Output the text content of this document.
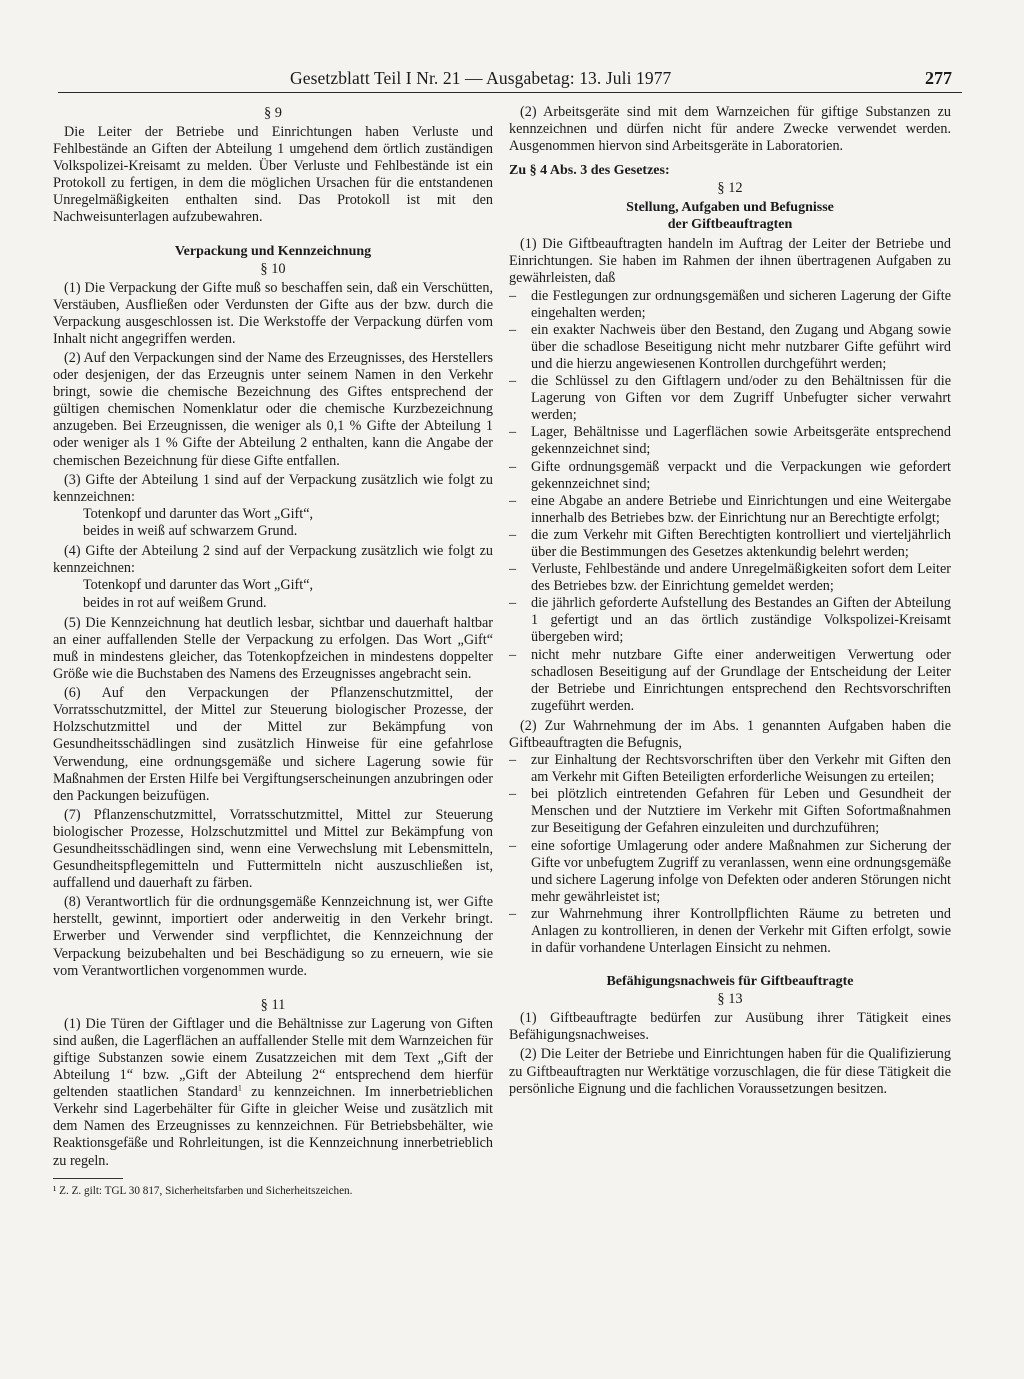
Gesetzblatt Teil I Nr. 21 — Ausgabetag: 13. Juli 1977	277

§ 9

Die Leiter der Betriebe und Einrichtungen haben Verluste und Fehlbestände an Giften der Abteilung 1 umgehend dem örtlich zuständigen Volkspolizei-Kreisamt zu melden. Über Verluste und Fehlbestände ist ein Protokoll zu fertigen, in dem die möglichen Ursachen für die entstandenen Unregelmäßigkeiten enthalten sind. Das Protokoll ist mit den Nachweisunterlagen aufzubewahren.

Verpackung und Kennzeichnung

§ 10

(1) Die Verpackung der Gifte muß so beschaffen sein, daß ein Verschütten, Verstäuben, Ausfließen oder Verdunsten der Gifte aus der bzw. durch die Verpackung ausgeschlossen ist. Die Werkstoffe der Verpackung dürfen vom Inhalt nicht angegriffen werden.

(2) Auf den Verpackungen sind der Name des Erzeugnisses, des Herstellers oder desjenigen, der das Erzeugnis unter seinem Namen in den Verkehr bringt, sowie die chemische Bezeichnung des Giftes entsprechend der gültigen chemischen Nomenklatur oder die chemische Kurzbezeichnung anzugeben. Bei Erzeugnissen, die weniger als 0,1 % Gifte der Abteilung 1 oder weniger als 1 % Gifte der Abteilung 2 enthalten, kann die Angabe der chemischen Bezeichnung für diese Gifte entfallen.

(3) Gifte der Abteilung 1 sind auf der Verpackung zusätzlich wie folgt zu kennzeichnen:

Totenkopf und darunter das Wort „Gift“,

beides in weiß auf schwarzem Grund.

(4) Gifte der Abteilung 2 sind auf der Verpackung zusätzlich wie folgt zu kennzeichnen:

Totenkopf und darunter das Wort „Gift“,

beides in rot auf weißem Grund.

(5) Die Kennzeichnung hat deutlich lesbar, sichtbar und dauerhaft haltbar an einer auffallenden Stelle der Verpackung zu erfolgen. Das Wort „Gift“ muß in mindestens gleicher, das Totenkopfzeichen in mindestens doppelter Größe wie die Buchstaben des Namens des Erzeugnisses angebracht sein.

(6) Auf den Verpackungen der Pflanzenschutzmittel, der Vorratsschutzmittel, der Mittel zur Steuerung biologischer Prozesse, der Holzschutzmittel und der Mittel zur Bekämpfung von Gesundheitsschädlingen sind zusätzlich Hinweise für eine gefahrlose Verwendung, eine ordnungsgemäße und sichere Lagerung sowie für Maßnahmen der Ersten Hilfe bei Vergiftungserscheinungen anzubringen oder den Packungen beizufügen.

(7) Pflanzenschutzmittel, Vorratsschutzmittel, Mittel zur Steuerung biologischer Prozesse, Holzschutzmittel und Mittel zur Bekämpfung von Gesundheitsschädlingen sind, wenn eine Verwechslung mit Lebensmitteln, Gesundheitspflegemitteln und Futtermitteln nicht auszuschließen ist, auffallend und dauerhaft zu färben.

(8) Verantwortlich für die ordnungsgemäße Kennzeichnung ist, wer Gifte herstellt, gewinnt, importiert oder anderweitig in den Verkehr bringt. Erwerber und Verwender sind verpflichtet, die Kennzeichnung der Verpackung beizubehalten und bei Beschädigung so zu erneuern, wie sie vom Verantwortlichen vorgenommen wurde.

§ 11

(1) Die Türen der Giftlager und die Behältnisse zur Lagerung von Giften sind außen, die Lagerflächen an auffallender Stelle mit dem Warnzeichen für giftige Substanzen sowie einem Zusatzzeichen mit dem Text „Gift der Abteilung 1“ bzw. „Gift der Abteilung 2“ entsprechend dem hierfür geltenden staatlichen Standard$^1$ zu kennzeichnen. Im innerbetrieblichen Verkehr sind Lagerbehälter für Gifte in gleicher Weise und zusätzlich mit dem Namen des Erzeugnisses zu kennzeichnen. Für Betriebsbehälter, wie Reaktionsgefäße und Rohrleitungen, ist die Kennzeichnung innerbetrieblich zu regeln.

¹ Z. Z. gilt: TGL 30 817, Sicherheitsfarben und Sicherheitszeichen.

(2) Arbeitsgeräte sind mit dem Warnzeichen für giftige Substanzen zu kennzeichnen und dürfen nicht für andere Zwecke verwendet werden. Ausgenommen hiervon sind Arbeitsgeräte in Laboratorien.

Zu § 4 Abs. 3 des Gesetzes:

§ 12

Stellung, Aufgaben und Befugnisse

der Giftbeauftragten

(1) Die Giftbeauftragten handeln im Auftrag der Leiter der Betriebe und Einrichtungen. Sie haben im Rahmen der ihnen übertragenen Aufgaben zu gewährleisten, daß

– die Festlegungen zur ordnungsgemäßen und sicheren Lagerung der Gifte eingehalten werden;

– ein exakter Nachweis über den Bestand, den Zugang und Abgang sowie über die schadlose Beseitigung nicht mehr nutzbarer Gifte geführt wird und die hierzu angewiesenen Kontrollen durchgeführt werden;

– die Schlüssel zu den Giftlagern und/oder zu den Behältnissen für die Lagerung von Giften vor dem Zugriff Unbefugter sicher verwahrt werden;

– Lager, Behältnisse und Lagerflächen sowie Arbeitsgeräte entsprechend gekennzeichnet sind;

– Gifte ordnungsgemäß verpackt und die Verpackungen wie gefordert gekennzeichnet sind;

– eine Abgabe an andere Betriebe und Einrichtungen und eine Weitergabe innerhalb des Betriebes bzw. der Einrichtung nur an Berechtigte erfolgt;

– die zum Verkehr mit Giften Berechtigten kontrolliert und vierteljährlich über die Bestimmungen des Gesetzes aktenkundig belehrt werden;

– Verluste, Fehlbestände und andere Unregelmäßigkeiten sofort dem Leiter des Betriebes bzw. der Einrichtung gemeldet werden;

– die jährlich geforderte Aufstellung des Bestandes an Giften der Abteilung 1 gefertigt und an das örtlich zuständige Volkspolizei-Kreisamt übergeben wird;

– nicht mehr nutzbare Gifte einer anderweitigen Verwertung oder schadlosen Beseitigung auf der Grundlage der Entscheidung der Leiter der Betriebe und Einrichtungen entsprechend den Rechtsvorschriften zugeführt werden.

(2) Zur Wahrnehmung der im Abs. 1 genannten Aufgaben haben die Giftbeauftragten die Befugnis,

– zur Einhaltung der Rechtsvorschriften über den Verkehr mit Giften den am Verkehr mit Giften Beteiligten erforderliche Weisungen zu erteilen;

– bei plötzlich eintretenden Gefahren für Leben und Gesundheit der Menschen und der Nutztiere im Verkehr mit Giften Sofortmaßnahmen zur Beseitigung der Gefahren einzuleiten und durchzuführen;

– eine sofortige Umlagerung oder andere Maßnahmen zur Sicherung der Gifte vor unbefugtem Zugriff zu veranlassen, wenn eine ordnungsgemäße und sichere Lagerung infolge von Defekten oder anderen Störungen nicht mehr gewährleistet ist;

– zur Wahrnehmung ihrer Kontrollpflichten Räume zu betreten und Anlagen zu kontrollieren, in denen der Verkehr mit Giften erfolgt, sowie in dafür vorhandene Unterlagen Einsicht zu nehmen.

Befähigungsnachweis für Giftbeauftragte

§ 13

(1) Giftbeauftragte bedürfen zur Ausübung ihrer Tätigkeit eines Befähigungsnachweises.

(2) Die Leiter der Betriebe und Einrichtungen haben für die Qualifizierung zu Giftbeauftragten nur Werktätige vorzuschlagen, die für diese Tätigkeit die persönliche Eignung und die fachlichen Voraussetzungen besitzen.
